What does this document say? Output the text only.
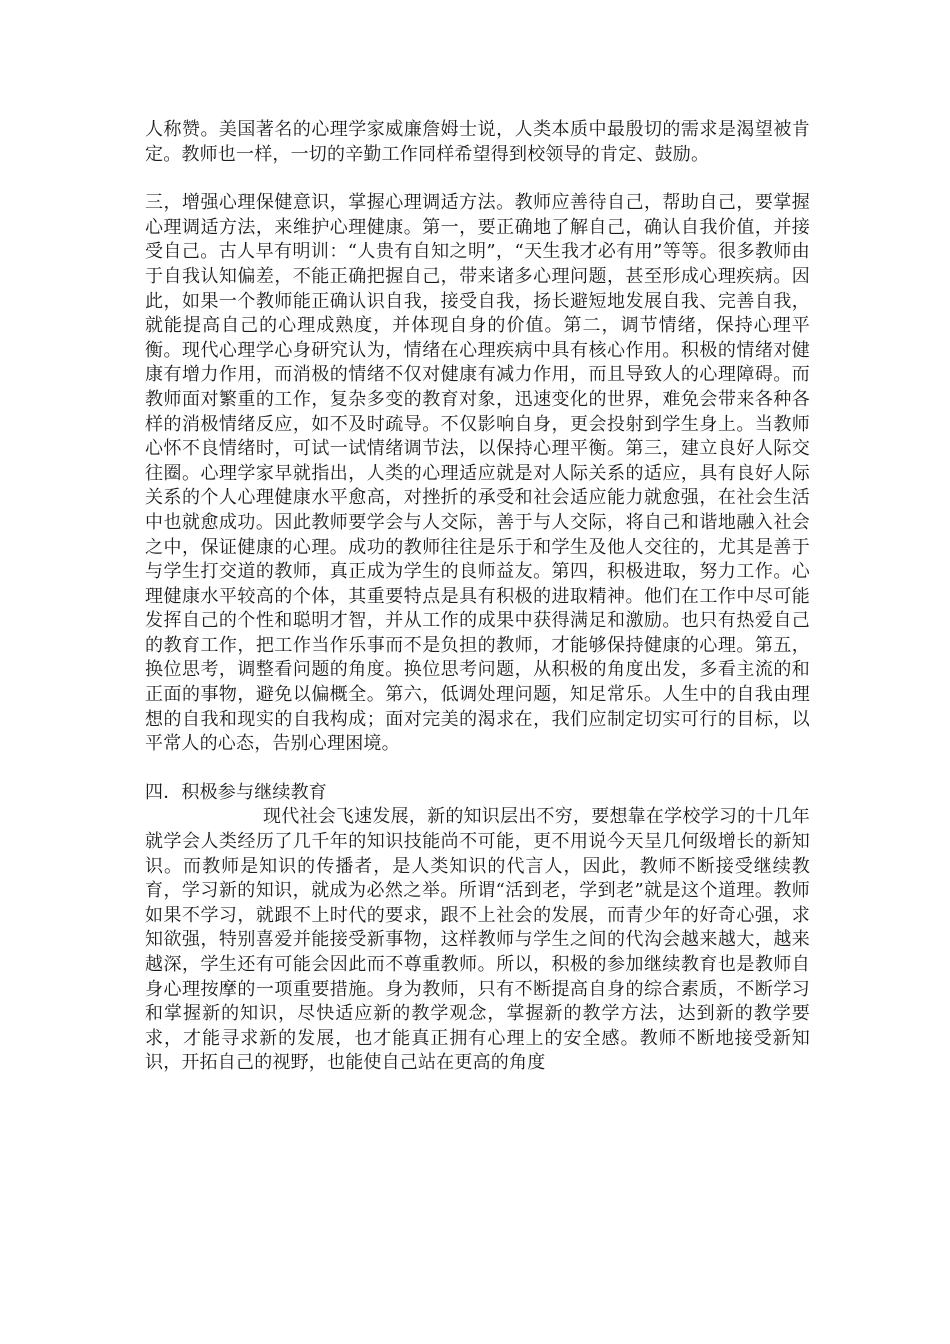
人称赞。美国著名的心理学家威廉詹姆士说，人类本质中最殷切的需求是渴望被肯定。教师也一样，一切的辛勤工作同样希望得到校领导的肯定、鼓励。

三，增强心理保健意识，掌握心理调适方法。教师应善待自己，帮助自己，要掌握心理调适方法，来维护心理健康。第一，要正确地了解自己，确认自我价值，并接受自己。古人早有明训：“人贵有自知之明”，“天生我才必有用”等等。很多教师由于自我认知偏差，不能正确把握自己，带来诸多心理问题，甚至形成心理疾病。因此，如果一个教师能正确认识自我，接受自我，扬长避短地发展自我、完善自我，就能提高自己的心理成熟度，并体现自身的价值。第二，调节情绪，保持心理平衡。现代心理学心身研究认为，情绪在心理疾病中具有核心作用。积极的情绪对健康有增力作用，而消极的情绪不仅对健康有减力作用，而且导致人的心理障碍。而教师面对繁重的工作，复杂多变的教育对象，迅速变化的世界，难免会带来各种各样的消极情绪反应，如不及时疏导。不仅影响自身，更会投射到学生身上。当教师心怀不良情绪时，可试一试情绪调节法，以保持心理平衡。第三，建立良好人际交往圈。心理学家早就指出，人类的心理适应就是对人际关系的适应，具有良好人际关系的个人心理健康水平愈高，对挫折的承受和社会适应能力就愈强，在社会生活中也就愈成功。因此教师要学会与人交际，善于与人交际，将自己和谐地融入社会之中，保证健康的心理。成功的教师往往是乐于和学生及他人交往的，尤其是善于与学生打交道的教师，真正成为学生的良师益友。第四，积极进取，努力工作。心理健康水平较高的个体，其重要特点是具有积极的进取精神。他们在工作中尽可能发挥自己的个性和聪明才智，并从工作的成果中获得满足和激励。也只有热爱自己的教育工作，把工作当作乐事而不是负担的教师，才能够保持健康的心理。第五，换位思考，调整看问题的角度。换位思考问题，从积极的角度出发，多看主流的和正面的事物，避免以偏概全。第六，低调处理问题，知足常乐。人生中的自我由理想的自我和现实的自我构成；面对完美的渴求在，我们应制定切实可行的目标，以平常人的心态，告别心理困境。

四．积极参与继续教育

现代社会飞速发展，新的知识层出不穷，要想靠在学校学习的十几年就学会人类经历了几千年的知识技能尚不可能，更不用说今天呈几何级增长的新知识。而教师是知识的传播者，是人类知识的代言人，因此，教师不断接受继续教育，学习新的知识，就成为必然之举。所谓“活到老，学到老”就是这个道理。教师如果不学习，就跟不上时代的要求，跟不上社会的发展，而青少年的好奇心强，求知欲强，特别喜爱并能接受新事物，这样教师与学生之间的代沟会越来越大，越来越深，学生还有可能会因此而不尊重教师。所以，积极的参加继续教育也是教师自身心理按摩的一项重要措施。身为教师，只有不断提高自身的综合素质，不断学习和掌握新的知识，尽快适应新的教学观念，掌握新的教学方法，达到新的教学要求，才能寻求新的发展，也才能真正拥有心理上的安全感。教师不断地接受新知识，开拓自己的视野，也能使自己站在更高的角度
